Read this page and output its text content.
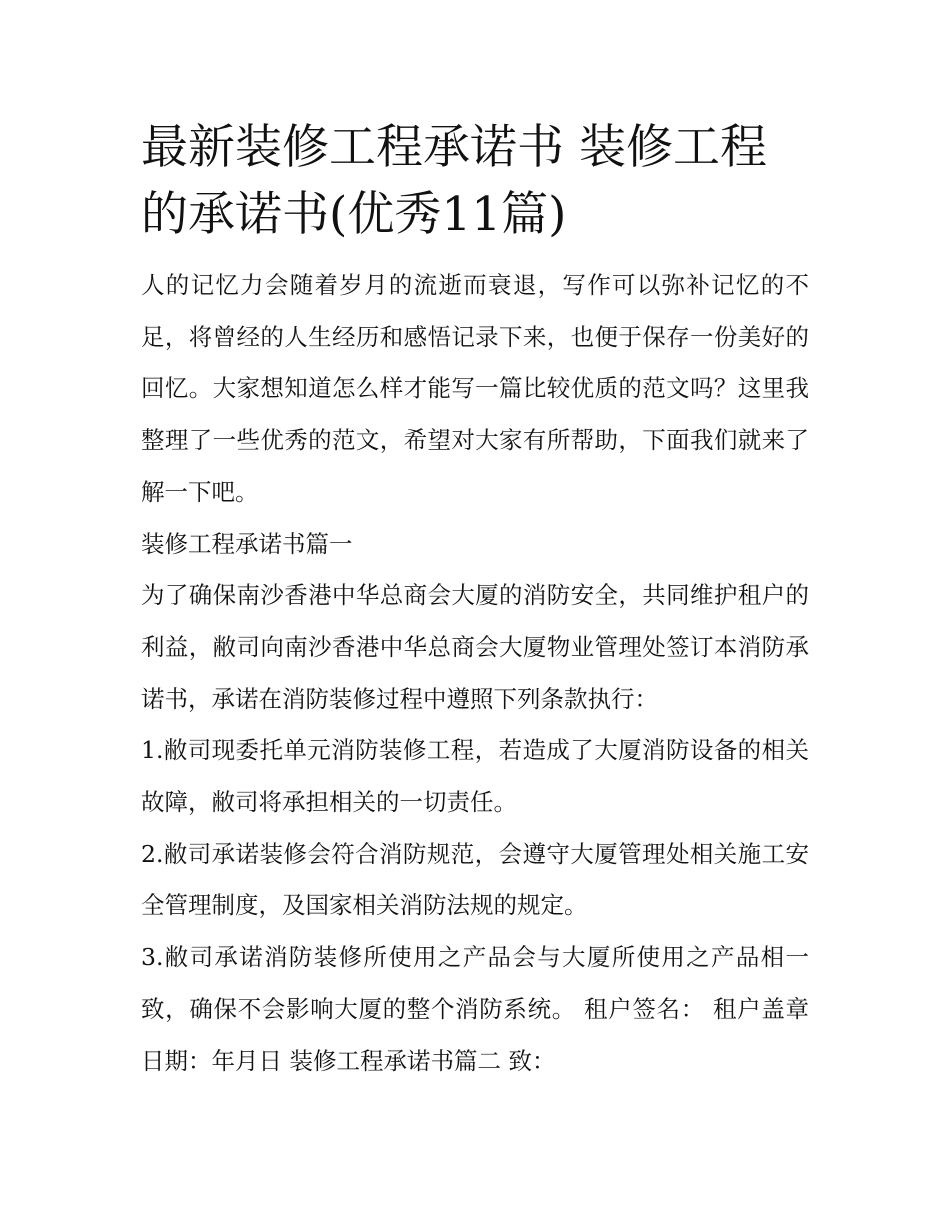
最新装修工程承诺书 装修工程的承诺书(优秀11篇)

人的记忆力会随着岁月的流逝而衰退，写作可以弥补记忆的不足，将曾经的人生经历和感悟记录下来，也便于保存一份美好的回忆。大家想知道怎么样才能写一篇比较优质的范文吗？这里我整理了一些优秀的范文，希望对大家有所帮助，下面我们就来了解一下吧。

装修工程承诺书篇一

为了确保南沙香港中华总商会大厦的消防安全，共同维护租户的利益，敝司向南沙香港中华总商会大厦物业管理处签订本消防承诺书，承诺在消防装修过程中遵照下列条款执行：

1.敝司现委托单元消防装修工程，若造成了大厦消防设备的相关故障，敝司将承担相关的一切责任。

2.敝司承诺装修会符合消防规范，会遵守大厦管理处相关施工安全管理制度，及国家相关消防法规的规定。

3.敝司承诺消防装修所使用之产品会与大厦所使用之产品相一致，确保不会影响大厦的整个消防系统。 租户签名： 租户盖章 日期：年月日 装修工程承诺书篇二 致：
